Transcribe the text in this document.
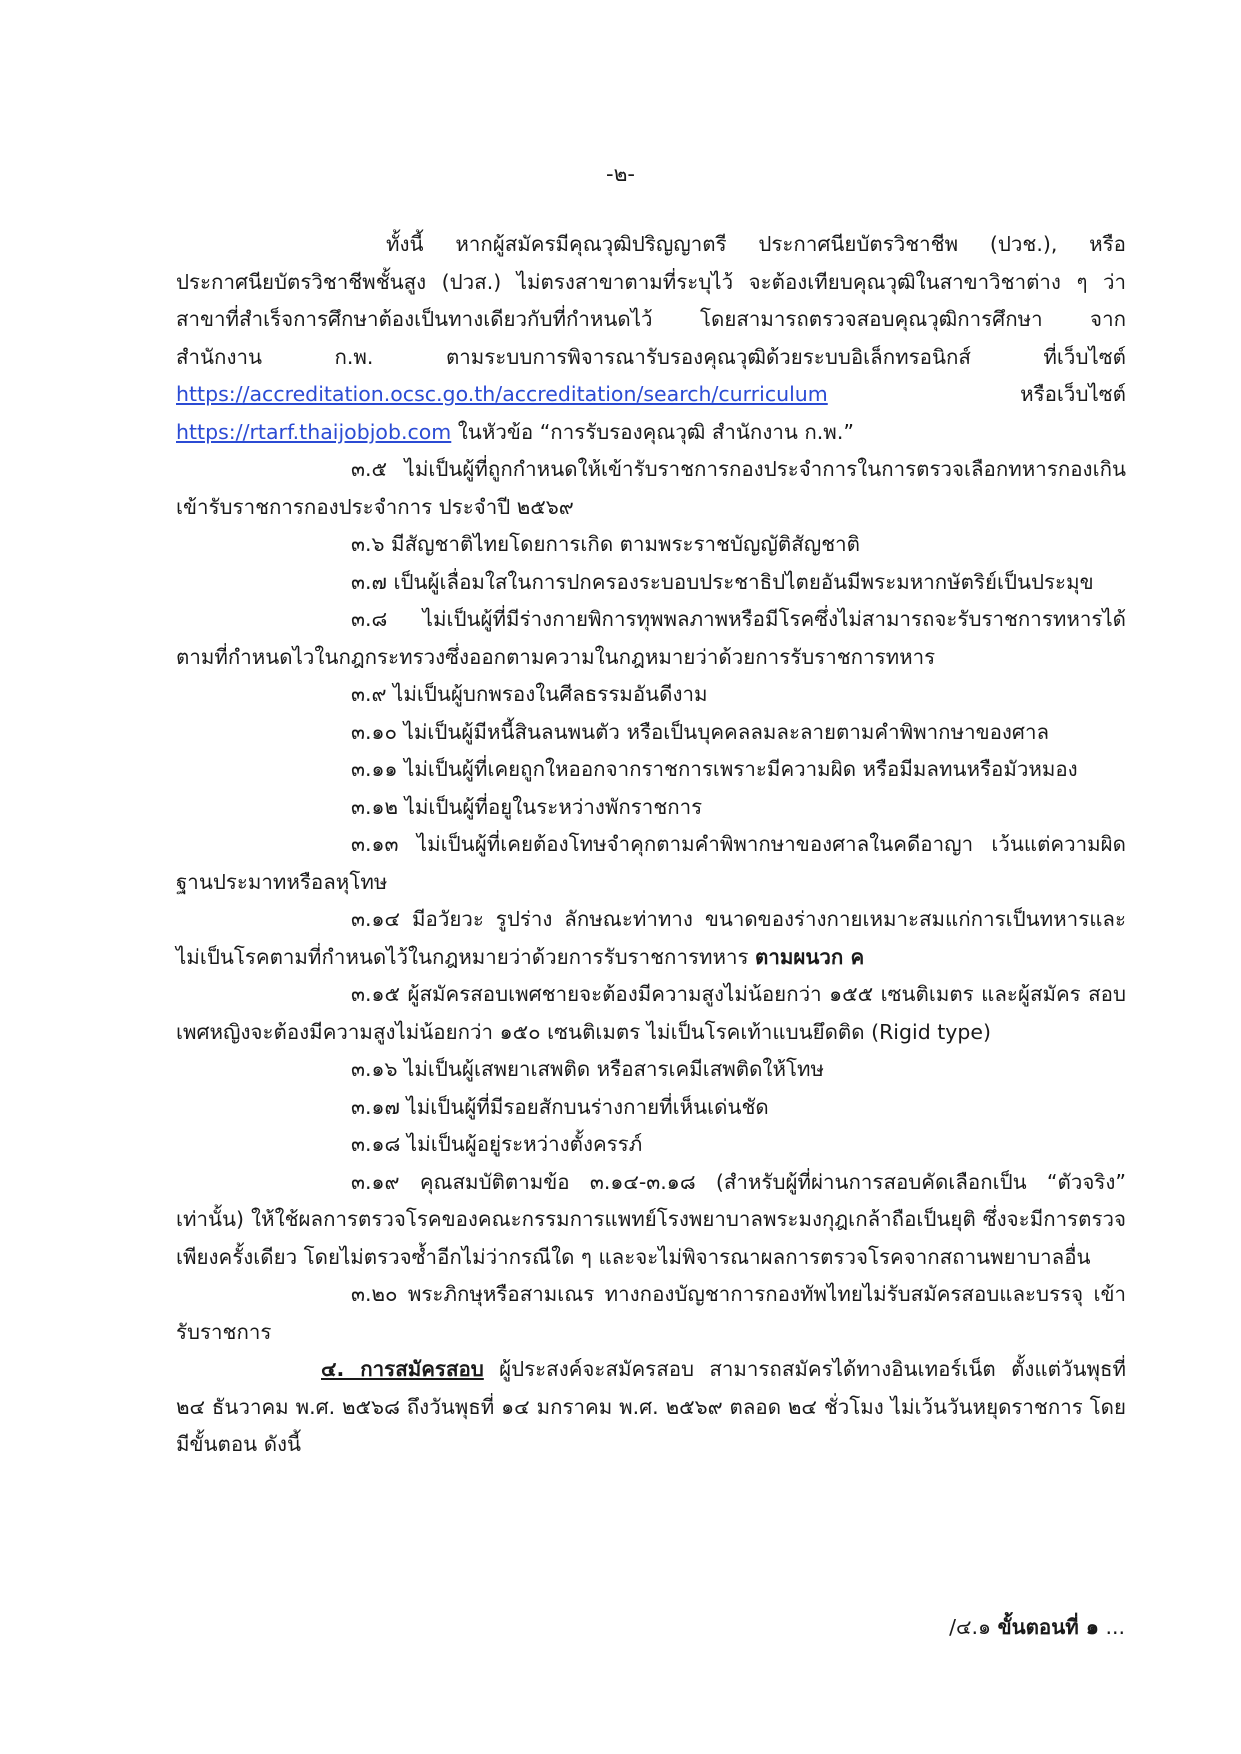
-๒-

ทั้งนี้ หากผู้สมัครมีคุณวุฒิปริญญาตรี ประกาศนียบัตรวิชาชีพ (ปวช.), หรือ ประกาศนียบัตรวิชาชีพชั้นสูง (ปวส.) ไม่ตรงสาขาตามที่ระบุไว้ จะต้องเทียบคุณวุฒิในสาขาวิชาต่าง ๆ ว่าสาขาที่สำเร็จการศึกษาต้องเป็นทางเดียวกับที่กำหนดไว้ โดยสามารถตรวจสอบคุณวุฒิการศึกษา จากสำนักงาน ก.พ. ตามระบบการพิจารณารับรองคุณวุฒิด้วยระบบอิเล็กทรอนิกส์ ที่เว็บไซต์ https://accreditation.ocsc.go.th/accreditation/search/curriculum หรือเว็บไซต์ https://rtarf.thaijobjob.com ในหัวข้อ “การรับรองคุณวุฒิ สำนักงาน ก.พ.”

๓.๕ ไม่เป็นผู้ที่ถูกกำหนดให้เข้ารับราชการกองประจำการในการตรวจเลือกทหารกองเกิน เข้ารับราชการกองประจำการ ประจำปี ๒๕๖๙

๓.๖ มีสัญชาติไทยโดยการเกิด ตามพระราชบัญญัติสัญชาติ

๓.๗ เป็นผู้เลื่อมใสในการปกครองระบอบประชาธิปไตยอันมีพระมหากษัตริย์เป็นประมุข

๓.๘ ไม่เป็นผู้ที่มีร่างกายพิการทุพพลภาพหรือมีโรคซึ่งไม่สามารถจะรับราชการทหารได้ ตามที่กำหนดไวในกฎกระทรวงซึ่งออกตามความในกฎหมายว่าด้วยการรับราชการทหาร

๓.๙ ไม่เป็นผู้บกพรองในศีลธรรมอันดีงาม

๓.๑๐ ไม่เป็นผู้มีหนี้สินลนพนตัว หรือเป็นบุคคลลมละลายตามคำพิพากษาของศาล

๓.๑๑ ไม่เป็นผู้ที่เคยถูกใหออกจากราชการเพราะมีความผิด หรือมีมลทนหรือมัวหมอง

๓.๑๒ ไม่เป็นผู้ที่อยูในระหว่างพักราชการ

๓.๑๓ ไม่เป็นผู้ที่เคยต้องโทษจำคุกตามคำพิพากษาของศาลในคดีอาญา เว้นแต่ความผิด ฐานประมาทหรือลหุโทษ

๓.๑๔ มีอวัยวะ รูปร่าง ลักษณะท่าทาง ขนาดของร่างกายเหมาะสมแก่การเป็นทหารและ ไม่เป็นโรคตามที่กำหนดไว้ในกฎหมายว่าด้วยการรับราชการทหาร ตามผนวก ค

๓.๑๕ ผู้สมัครสอบเพศชายจะต้องมีความสูงไม่น้อยกว่า ๑๕๕ เซนติเมตร และผู้สมัคร สอบเพศหญิงจะต้องมีความสูงไม่น้อยกว่า ๑๕๐ เซนติเมตร ไม่เป็นโรคเท้าแบนยึดติด (Rigid type)

๓.๑๖ ไม่เป็นผู้เสพยาเสพติด หรือสารเคมีเสพติดให้โทษ

๓.๑๗ ไม่เป็นผู้ที่มีรอยสักบนร่างกายที่เห็นเด่นชัด

๓.๑๘ ไม่เป็นผู้อยู่ระหว่างตั้งครรภ์

๓.๑๙ คุณสมบัติตามข้อ ๓.๑๔-๓.๑๘ (สำหรับผู้ที่ผ่านการสอบคัดเลือกเป็น “ตัวจริง” เท่านั้น) ให้ใช้ผลการตรวจโรคของคณะกรรมการแพทย์โรงพยาบาลพระมงกุฎเกล้าถือเป็นยุติ ซึ่งจะมีการตรวจ เพียงครั้งเดียว โดยไม่ตรวจซ้ำอีกไม่ว่ากรณีใด ๆ และจะไม่พิจารณาผลการตรวจโรคจากสถานพยาบาลอื่น

๓.๒๐ พระภิกษุหรือสามเณร ทางกองบัญชาการกองทัพไทยไม่รับสมัครสอบและบรรจุ เข้ารับราชการ

๔. การสมัครสอบ ผู้ประสงค์จะสมัครสอบ สามารถสมัครได้ทางอินเทอร์เน็ต ตั้งแต่วันพุธที่ ๒๔ ธันวาคม พ.ศ. ๒๕๖๘ ถึงวันพุธที่ ๑๔ มกราคม พ.ศ. ๒๕๖๙ ตลอด ๒๔ ชั่วโมง ไม่เว้นวันหยุดราชการ โดยมีขั้นตอน ดังนี้

/๔.๑ ขั้นตอนที่ ๑ ...
